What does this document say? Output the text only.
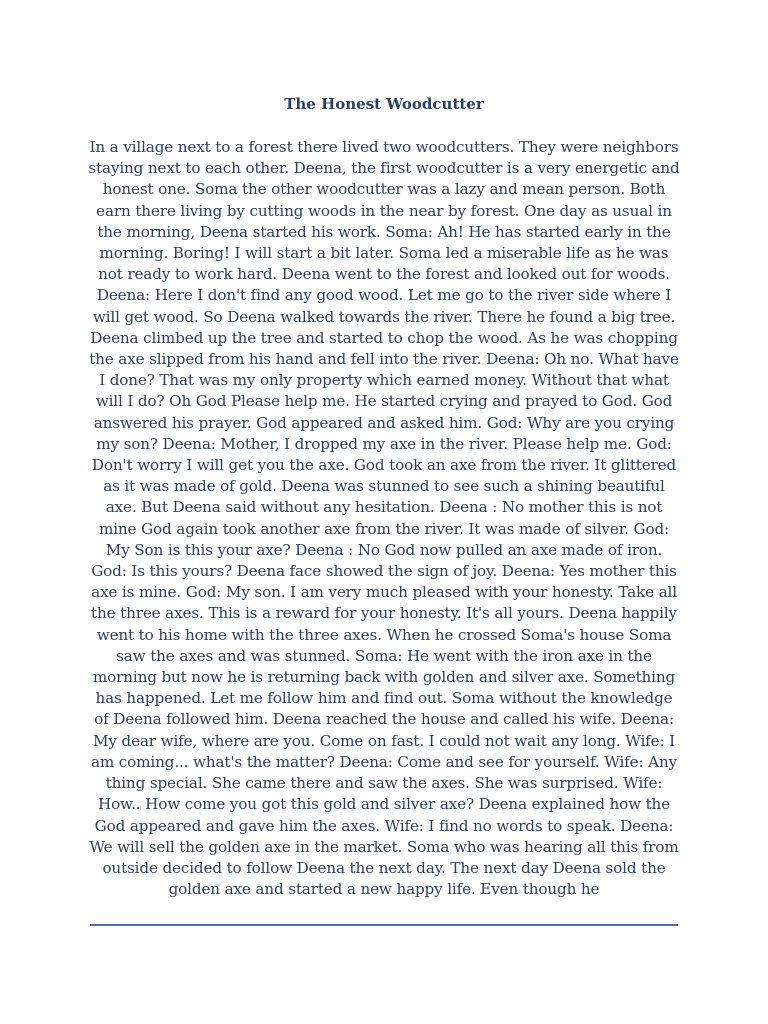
The Honest Woodcutter

In a village next to a forest there lived two woodcutters. They were neighbors staying next to each other. Deena, the first woodcutter is a very energetic and honest one. Soma the other woodcutter was a lazy and mean person. Both earn there living by cutting woods in the near by forest. One day as usual in the morning, Deena started his work. Soma: Ah! He has started early in the morning. Boring! I will start a bit later. Soma led a miserable life as he was not ready to work hard. Deena went to the forest and looked out for woods. Deena: Here I don't find any good wood. Let me go to the river side where I will get wood. So Deena walked towards the river. There he found a big tree. Deena climbed up the tree and started to chop the wood. As he was chopping the axe slipped from his hand and fell into the river. Deena: Oh no. What have I done? That was my only property which earned money. Without that what will I do? Oh God Please help me. He started crying and prayed to God. God answered his prayer. God appeared and asked him. God: Why are you crying my son? Deena: Mother, I dropped my axe in the river. Please help me. God: Don't worry I will get you the axe. God took an axe from the river. It glittered as it was made of gold. Deena was stunned to see such a shining beautiful axe. But Deena said without any hesitation. Deena : No mother this is not mine God again took another axe from the river. It was made of silver. God: My Son is this your axe? Deena : No God now pulled an axe made of iron. God: Is this yours? Deena face showed the sign of joy. Deena: Yes mother this axe is mine. God: My son. I am very much pleased with your honesty. Take all the three axes. This is a reward for your honesty. It's all yours. Deena happily went to his home with the three axes. When he crossed Soma's house Soma saw the axes and was stunned. Soma: He went with the iron axe in the morning but now he is returning back with golden and silver axe. Something has happened. Let me follow him and find out. Soma without the knowledge of Deena followed him. Deena reached the house and called his wife. Deena: My dear wife, where are you. Come on fast. I could not wait any long. Wife: I am coming... what's the matter? Deena: Come and see for yourself. Wife: Any thing special. She came there and saw the axes. She was surprised. Wife: How.. How come you got this gold and silver axe? Deena explained how the God appeared and gave him the axes. Wife: I find no words to speak. Deena: We will sell the golden axe in the market. Soma who was hearing all this from outside decided to follow Deena the next day. The next day Deena sold the golden axe and started a new happy life. Even though he
